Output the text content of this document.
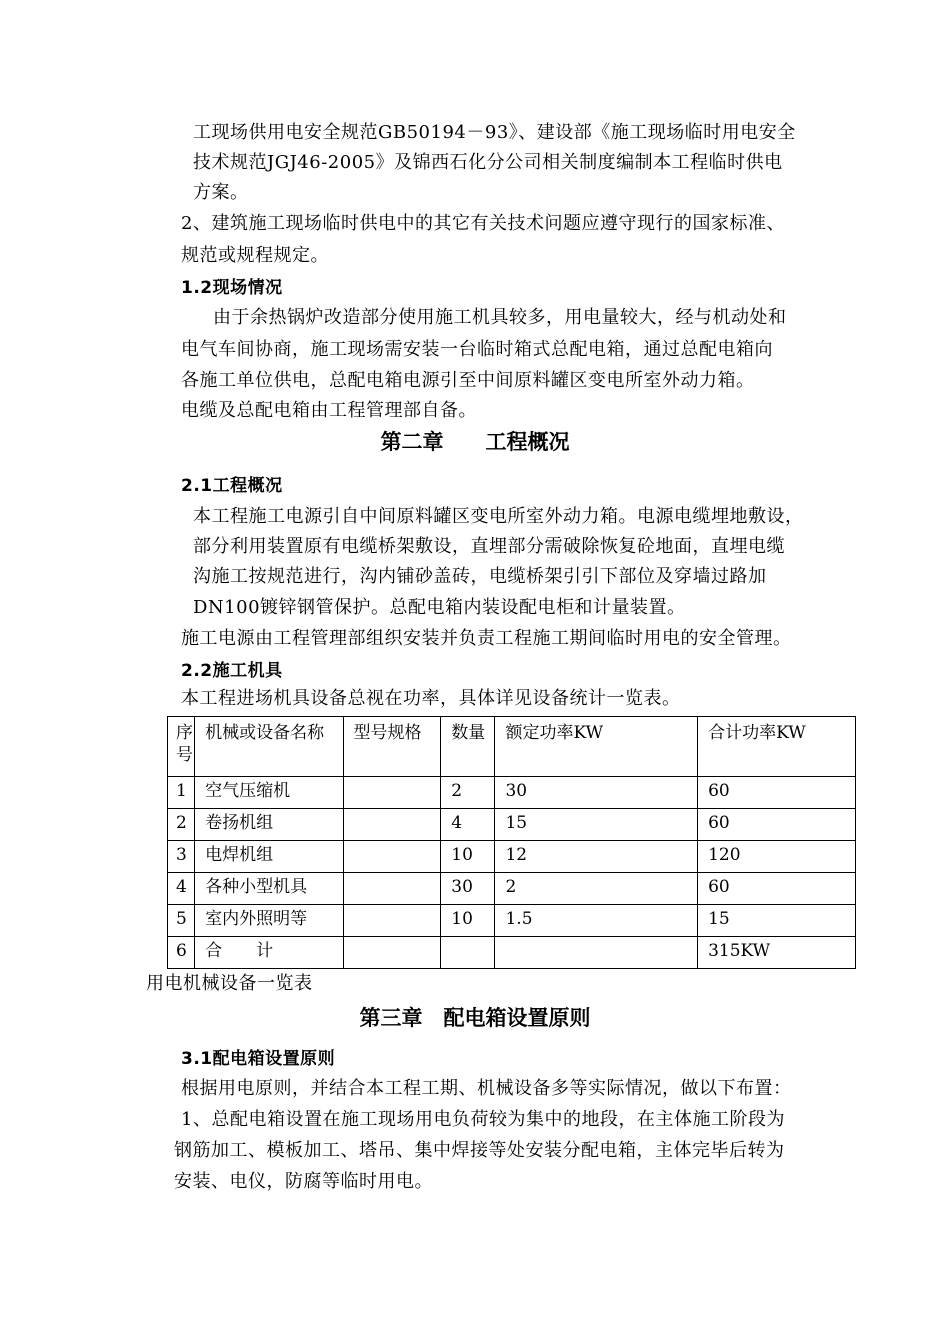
工现场供用电安全规范GB50194－93》、建设部《施工现场临时用电安全
技术规范JGJ46-2005》及锦西石化分公司相关制度编制本工程临时供电
方案。
2、建筑施工现场临时供电中的其它有关技术问题应遵守现行的国家标准、
规范或规程规定。
1.2现场情况
由于余热锅炉改造部分使用施工机具较多，用电量较大，经与机动处和
电气车间协商，施工现场需安装一台临时箱式总配电箱，通过总配电箱向
各施工单位供电，总配电箱电源引至中间原料罐区变电所室外动力箱。
电缆及总配电箱由工程管理部自备。
第二章　　工程概况
2.1工程概况
本工程施工电源引自中间原料罐区变电所室外动力箱。电源电缆埋地敷设，
部分利用装置原有电缆桥架敷设，直埋部分需破除恢复砼地面，直埋电缆
沟施工按规范进行，沟内铺砂盖砖，电缆桥架引引下部位及穿墙过路加
DN100镀锌钢管保护。总配电箱内装设配电柜和计量装置。
施工电源由工程管理部组织安装并负责工程施工期间临时用电的安全管理。
2.2施工机具
本工程进场机具设备总视在功率，具体详见设备统计一览表。
序号	机械或设备名称	型号规格	数量	额定功率KW	合计功率KW
1	空气压缩机		2	30	60
2	卷扬机组		4	15	60
3	电焊机组		10	12	120
4	各种小型机具		30	2	60
5	室内外照明等		10	1.5	15
6	合　　计				315KW
用电机械设备一览表
第三章　配电箱设置原则
3.1配电箱设置原则
根据用电原则，并结合本工程工期、机械设备多等实际情况，做以下布置：
1、总配电箱设置在施工现场用电负荷较为集中的地段，在主体施工阶段为
钢筋加工、模板加工、塔吊、集中焊接等处安装分配电箱，主体完毕后转为
安装、电仪，防腐等临时用电。
